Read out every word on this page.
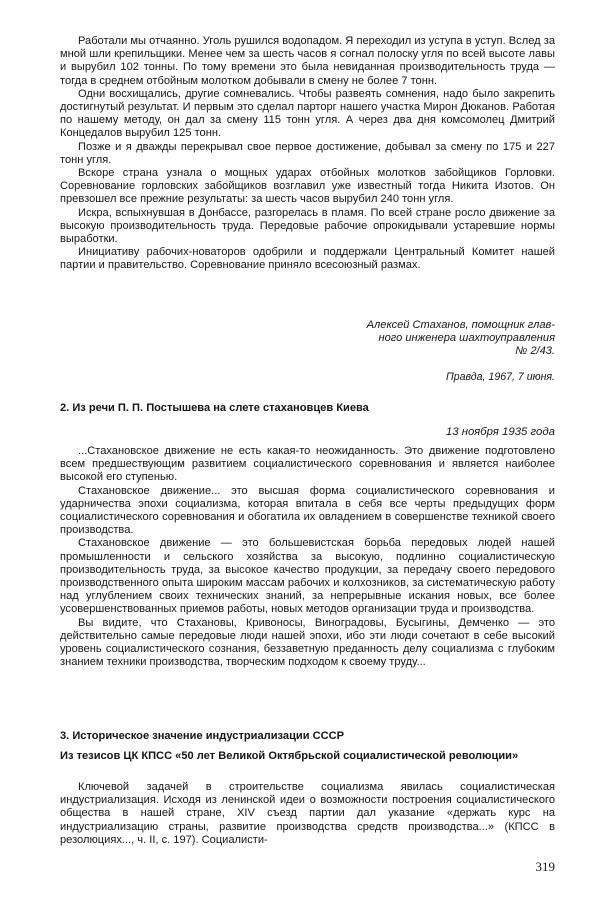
Работали мы отчаянно. Уголь рушился водопадом. Я переходил из уступа в уступ. Вслед за мной шли крепильщики. Менее чем за шесть часов я согнал полоску угля по всей высоте лавы и вырубил 102 тонны. По тому времени это была невиданная производительность труда — тогда в среднем отбойным молотком добывали в смену не более 7 тонн.

Одни восхищались, другие сомневались. Чтобы развеять сомнения, надо было закрепить достигнутый результат. И первым это сделал парторг нашего участка Мирон Дюканов. Работая по нашему методу, он дал за смену 115 тонн угля. А через два дня комсомолец Дмитрий Концедалов вырубил 125 тонн.

Позже и я дважды перекрывал свое первое достижение, добывал за смену по 175 и 227 тонн угля.

Вскоре страна узнала о мощных ударах отбойных молотков забойщиков Горловки. Соревнование горловских забойщиков возглавил уже известный тогда Никита Изотов. Он превзошел все прежние результаты: за шесть часов вырубил 240 тонн угля.

Искра, вспыхнувшая в Донбассе, разгорелась в пламя. По всей стране росло движение за высокую производительность труда. Передовые рабочие опрокидывали устаревшие нормы выработки.

Инициативу рабочих-новаторов одобрили и поддержали Центральный Комитет нашей партии и правительство. Соревнование приняло всесоюзный размах.

Алексей Стаханов, помощник глав-
ного инженера шахтоуправления
№ 2/43.
Правда, 1967, 7 июня.

2. Из речи П. П. Постышева на слете стахановцев Киева

13 ноября 1935 года

...Стахановское движение не есть какая-то неожиданность. Это движение подготовлено всем предшествующим развитием социалистического соревнования и является наиболее высокой его ступенью.

Стахановское движение... это высшая форма социалистического соревнования и ударничества эпохи социализма, которая впитала в себя все черты предыдущих форм социалистического соревнования и обогатила их овладением в совершенстве техникой своего производства.

Стахановское движение — это большевистская борьба передовых людей нашей промышленности и сельского хозяйства за высокую, подлинно социалистическую производительность труда, за высокое качество продукции, за передачу своего передового производственного опыта широким массам рабочих и колхозников, за систематическую работу над углублением своих технических знаний, за непрерывные искания новых, все более усовершенствованных приемов работы, новых методов организации труда и производства.

Вы видите, что Стахановы, Кривоносы, Виноградовы, Бусыгины, Демченко — это действительно самые передовые люди нашей эпохи, ибо эти люди сочетают в себе высокий уровень социалистического сознания, беззаветную преданность делу социализма с глубоким знанием техники производства, творческим подходом к своему труду...

3. Историческое значение индустриализации СССР

Из тезисов ЦК КПСС «50 лет Великой Октябрьской социалистической революции»

Ключевой задачей в строительстве социализма явилась социалистическая индустриализация. Исходя из ленинской идеи о возможности построения социалистического общества в нашей стране, XIV съезд партии дал указание «держать курс на индустриализацию страны, развитие производства средств производства...» (КПСС в резолюциях..., ч. II, с. 197). Социалисти-

319
